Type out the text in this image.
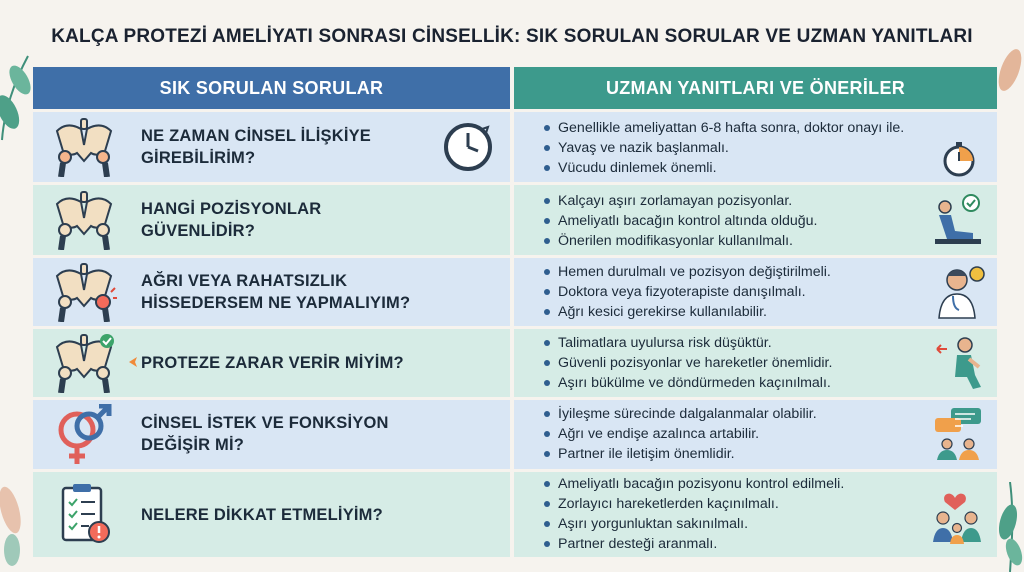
KALÇA PROTEZİ AMELİYATI SONRASI CİNSELLİK: SIK SORULAN SORULAR VE UZMAN YANITLARI
SIK SORULAN SORULAR	UZMAN YANITLARI VE ÖNERİLER
NE ZAMAN CİNSEL İLİŞKİYE GİREBİLİRİM?
Genellikle ameliyattan 6-8 hafta sonra, doktor onayı ile.
Yavaş ve nazik başlanmalı.
Vücudu dinlemek önemli.
HANGİ POZİSYONLAR GÜVENLİDİR?
Kalçayı aşırı zorlamayan pozisyonlar.
Ameliyatlı bacağın kontrol altında olduğu.
Önerilen modifikasyonlar kullanılmalı.
AĞRI VEYA RAHATSIZLIK HİSSEDERSEM NE YAPMALIYIM?
Hemen durulmalı ve pozisyon değiştirilmeli.
Doktora veya fizyoterapiste danışılmalı.
Ağrı kesici gerekirse kullanılabilir.
PROTEZE ZARAR VERİR MİYİM?
Talimatlara uyulursa risk düşüktür.
Güvenli pozisyonlar ve hareketler önemlidir.
Aşırı bükülme ve döndürmeden kaçınılmalı.
CİNSEL İSTEK VE FONKSİYON DEĞİŞİR Mİ?
İyileşme sürecinde dalgalanmalar olabilir.
Ağrı ve endişe azalınca artabilir.
Partner ile iletişim önemlidir.
NELERE DİKKAT ETMELİYİM?
Ameliyatlı bacağın pozisyonu kontrol edilmeli.
Zorlayıcı hareketlerden kaçınılmalı.
Aşırı yorgunluktan sakınılmalı.
Partner desteği aranmalı.
